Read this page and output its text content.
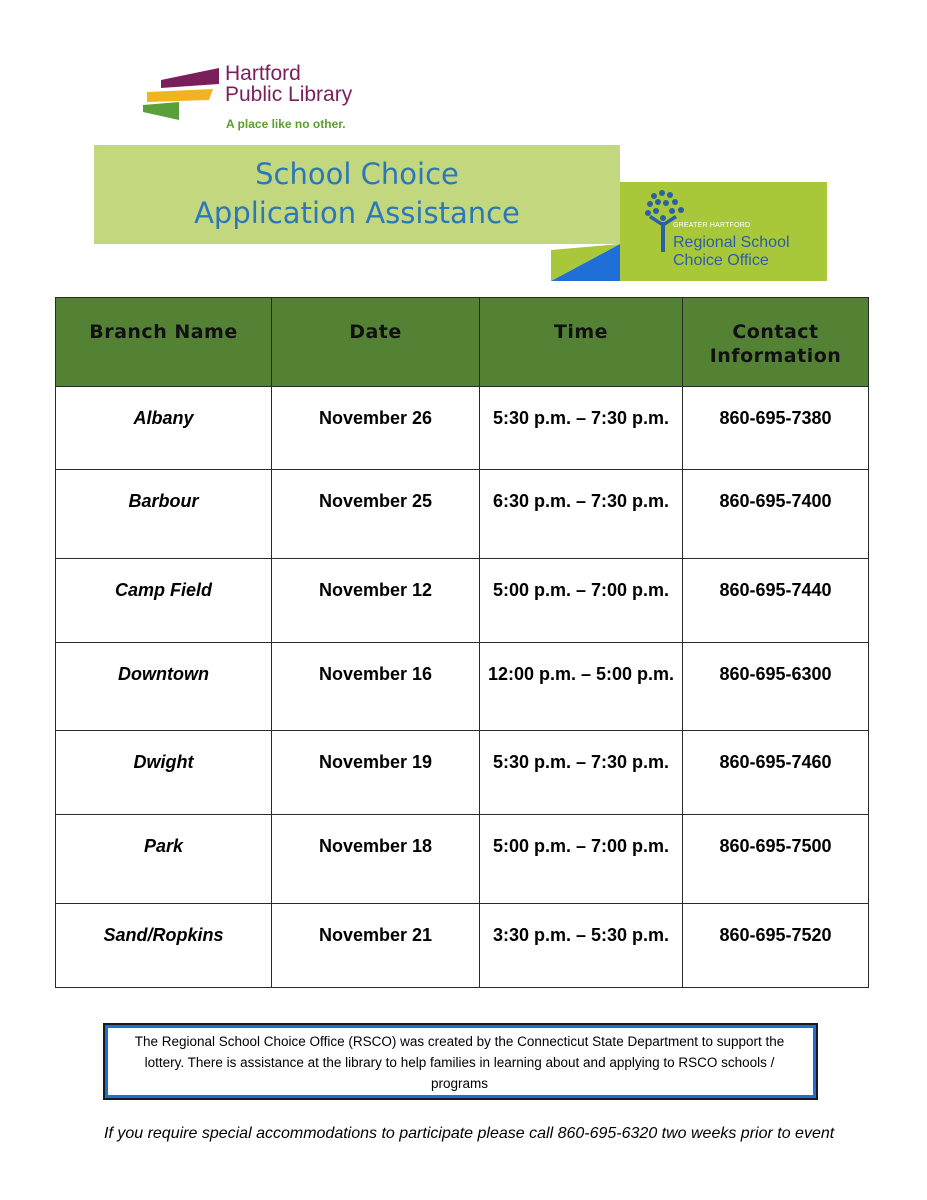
Hartford
Public Library
A place like no other.
School Choice
Application Assistance	GREATER HARTFORD
Regional School
Choice Office
Branch Name	Date	Time	Contact Information
Albany	November 26	5:30 p.m. – 7:30 p.m.	860-695-7380
Barbour	November 25	6:30 p.m. – 7:30 p.m.	860-695-7400
Camp Field	November 12	5:00 p.m. – 7:00 p.m.	860-695-7440
Downtown	November 16	12:00 p.m. – 5:00 p.m.	860-695-6300
Dwight	November 19	5:30 p.m. – 7:30 p.m.	860-695-7460
Park	November 18	5:00 p.m. – 7:00 p.m.	860-695-7500
Sand/Ropkins	November 21	3:30 p.m. – 5:30 p.m.	860-695-7520
The Regional School Choice Office (RSCO) was created by the Connecticut State Department to support the
lottery. There is assistance at the library to help families in learning about and applying to RSCO schools /
programs
If you require special accommodations to participate please call 860-695-6320 two weeks prior to event
